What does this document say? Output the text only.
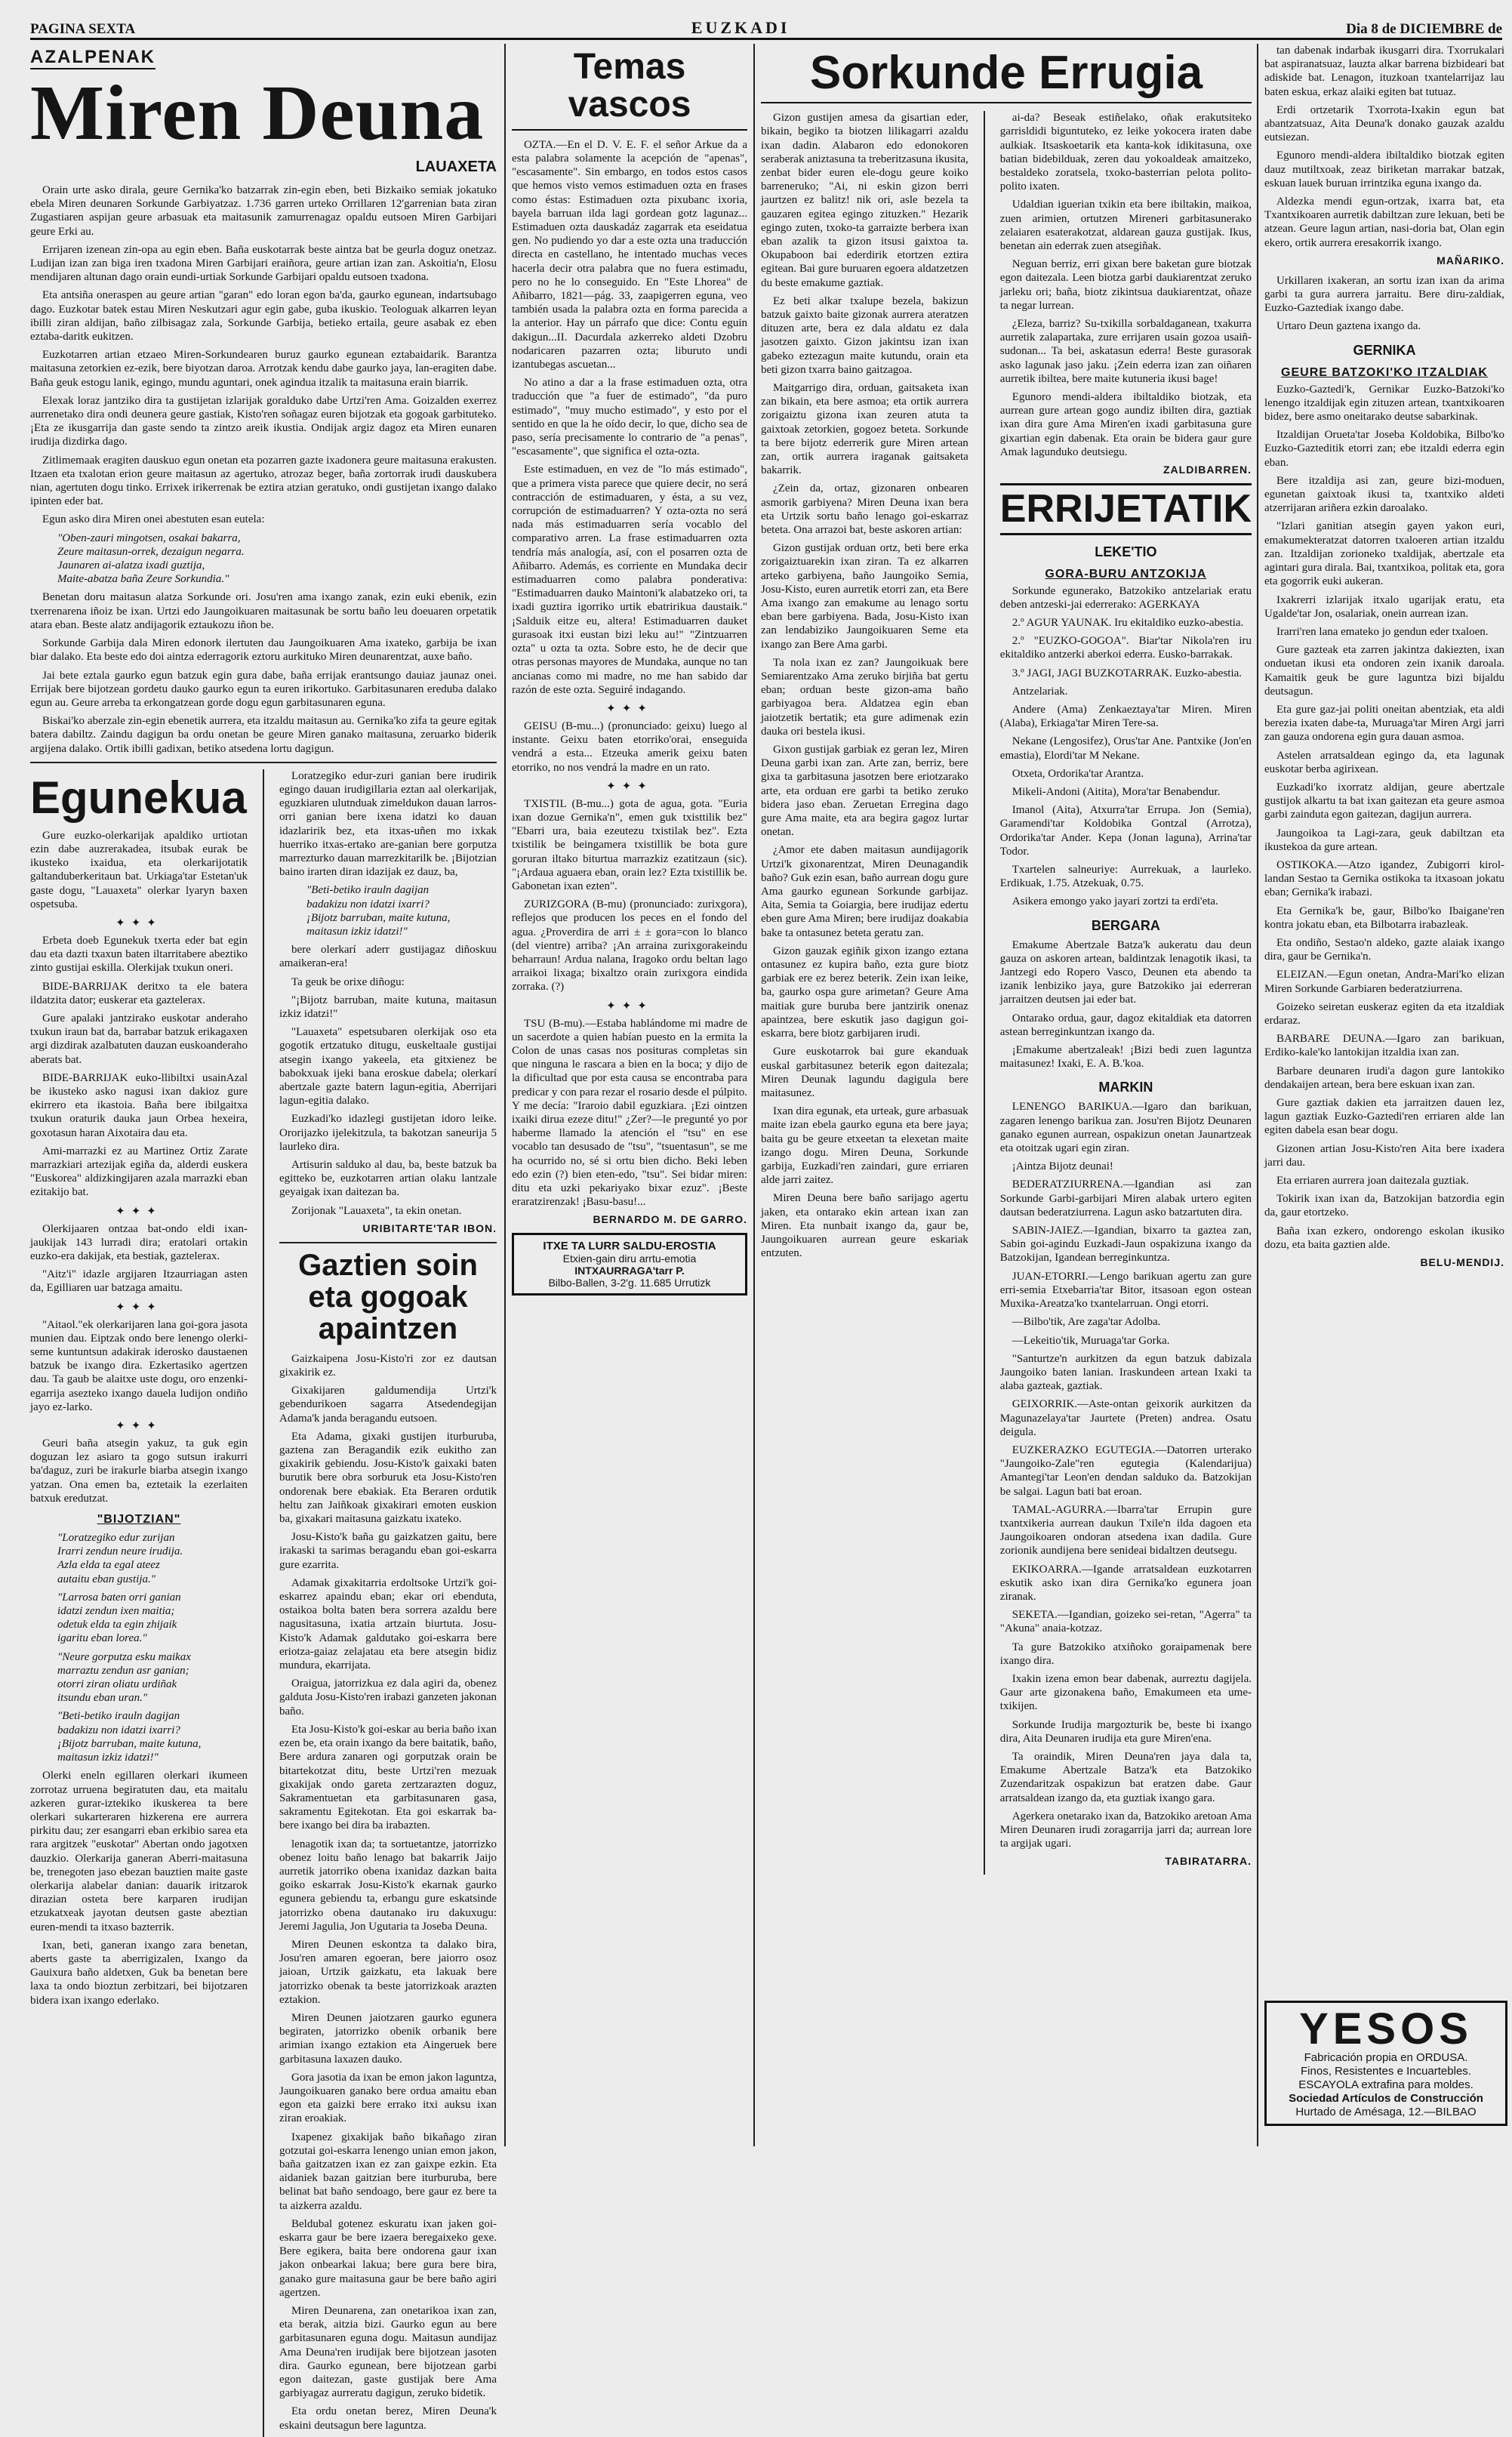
PAGINA SEXTA	EUZKADI	Dia 8 de DICIEMBRE de
AZALPENAK
Miren Deuna
LAUAXETA

Orain urte asko dirala, geure Gernika'ko batzarrak zin-egin eben, beti Bizkaiko semiak jokatuko ebela Miren deunaren Sorkunde Garbiyatzaz. 1.736 garren urteko Orrillaren 12'garrenian bata ziran Zugastiaren aspijan geure arbasuak eta maitasunik zamurrenagaz opaldu eutsoen Miren Garbijari geure Erki au.

Errijaren izenean zin-opa au egin eben. Baña euskotarrak beste aintza bat be geurla doguz onetzaz. Ludijan izan zan biga iren txadona Miren Garbijari eraiñora, geure artian izan zan. Askoitia'n, Elosu mendijaren altunan dago orain eundi-urtiak Sorkunde Garbijari opaldu eutsoen txadona.

Eta antsiña oneraspen au geure artian "garan" edo loran egon ba'da, gaurko egunean, indartsubago dago. Euzkotar batek estau Miren Neskutzari agur egin gabe, guba ikuskio. Teologuak alkarren leyan ibilli ziran aldijan, baño zilbisagaz zala, Sorkunde Garbija, betieko ertaila, geure asabak ez eben eztaba-daritk eukitzen.

Euzkotarren artian etzaeo Miren-Sorkundearen buruz gaurko egunean eztabaidarik. Barantza maitasuna zetorkien ez-ezik, bere biyotzan daroa. Arrotzak kendu dabe gaurko jaya, lan-eragiten dabe. Baña geuk estogu lanik, egingo, mundu aguntari, onek agindua itzalik ta maitasuna erain biarrik.

Elexak loraz jantziko dira ta gustijetan izlarijak goralduko dabe Urtzi'ren Ama. Goizalden exerrez aurrenetako dira ondi deunera geure gastiak, Kisto'ren soñagaz euren bijotzak eta gogoak garbituteko. ¡Eta ze ikusgarrija dan gaste sendo ta zintzo areik ikustia. Ondijak argiz dagoz eta Miren eunaren irudija dizdirka dago.

Zitlimemaak eragiten dauskuo egun onetan eta pozarren gazte ixadonera geure maitasuna erakusten. Itzaen eta txalotan erion geure maitasun az agertuko, atrozaz beger, baña zortorrak irudi dauskubera nian, agertuten dogu tinko. Errixek irikerrenak be eztira atzian geratuko, ondi gustijetan ixango dalako ipinten eder bat.

Egun asko dira Miren onei abestuten esan eutela:

"Oben-zauri mingotsen, osakai bakarra,
Zeure maitasun-orrek, dezaigun negarra.
Jaunaren ai-alatza ixadi guztija,
Maite-abatza baña Zeure Sorkundia."

Benetan doru maitasun alatza Sorkunde ori. Josu'ren ama ixango zanak, ezin euki ebenik, ezin txerrenarena iñoiz be ixan. Urtzi edo Jaungoikuaren maitasunak be sortu baño leu doeuaren orpetatik atara eban. Beste alatz andijagorik eztaukozu iñon be.

Sorkunde Garbija dala Miren edonork ilertuten dau Jaungoikuaren Ama ixateko, garbija be ixan biar dalako. Eta beste edo doi aintza ederragorik eztoru aurkituko Miren deunarentzat, auxe baño.

Jai bete eztala gaurko egun batzuk egin gura dabe, baña errijak erantsungo dauiaz jaunaz onei. Errijak bere bijotzean gordetu dauko gaurko egun ta euren irikortuko. Garbitasunaren ereduba dalako egun au. Geure arreba ta erkongatzean gorde dogu egun garbitasunaren eguna.

Biskai'ko aberzale zin-egin ebenetik aurrera, eta itzaldu maitasun au. Gernika'ko zifa ta geure egitak batera dabiltz. Zaindu dagigun ba ordu onetan be geure Miren ganako maitasuna, zeruarko biderik argijena dalako. Ortik ibilli gadixan, betiko atsedena lortu dagigun.

Egunekua

Gure euzko-olerkarijak apaldiko urtiotan ezin dabe auzrerakadea, itsubak eurak be ikusteko ixaidua, eta olerkarijotatik galtanduberkeritaun bat. Urkiaga'tar Estetan'uk gaste dogu, "Lauaxeta" olerkar lyaryn baxen ospetsuba.

✦✦✦

Erbeta doeb Egunekuk txerta eder bat egin dau eta dazti txaxun baten iltarritabere abeztiko zinto gustijai eskilla. Olerkijak txukun oneri.

BIDE-BARRIJAK deritxo ta ele batera ildatzita dator; euskerar eta gaztelerax.

Gure apalaki jantzirako euskotar anderaho txukun iraun bat da, barrabar batzuk erikagaxen argi dizdirak azalbatuten dauzan euskoanderaho aberats bat.

BIDE-BARRIJAK euko-llibiltxi usainAzal be ikusteko asko nagusi ixan dakioz gure ekirrero eta ikastoia. Baña bere ibilgaitxa txukun oraturik dauka jaun Orbea hexeira, goxotasun haran Aixotaira dau eta.

Ami-marrazki ez au Martinez Ortiz Zarate marrazkiari artezijak egiña da, alderdi euskera "Euskorea" aldizkingijaren azala marrazki eban ezitakijo bat.

✦✦✦

Olerkijaaren ontzaa bat-ondo eldi ixan-jaukijak 143 lurradi dira; eratolari ortakin euzko-era dakijak, eta bestiak, gaztelerax.

"Aitz'i" idazle argijaren Itzaurriagan asten da, Egilliaren uar batzaga amaitu.

✦✦✦

"Aitaol."ek olerkarijaren lana goi-gora jasota munien dau. Eiptzak ondo bere lenengo olerki-seme kuntuntsun adakirak iderosko daustaenen batzuk be ixango dira. Ezkertasiko agertzen dau. Ta gaub be alaitxe uste dogu, oro enzenki-egarrija asezteko ixango dauela ludijon ondiño jayo ez-larko.

✦✦✦

Geuri baña atsegin yakuz, ta guk egin doguzan lez asiaro ta gogo sutsun irakurri ba'daguz, zuri be irakurle biarba atsegin ixango yatzan. Ona emen ba, eztetaik la ezerlaiten batxuk eredutzat.

"BIJOTZIAN"
"Loratzegiko edur zurijan
Irarri zendun neure irudija.
Azla elda ta egal ateez
autaitu eban gustija."
"Larrosa baten orri ganian
idatzi zendun ixen maitia;
odetuk elda ta egin zhijaik
igaritu eban lorea."
"Neure gorputza esku maikax
marraztu zendun asr ganian;
otorri ziran oliatu urdiñak
itsundu eban uran."
"Beti-betiko irauln dagijan
badakizu non idatzi ixarri?
¡Bijotz barruban, maite kutuna,
maitasun izkiz idatzi!"

Olerki eneln egillaren olerkari ikumeen zorrotaz urruena begiratuten dau, eta maitalu azkeren gurar-iztekiko ikuskerea ta bere olerkari sukarteraren hizkerena ere aurrera pirkitu dau; zer esangarri eban erkibio sarea eta rara argitzek "euskotar" Abertan ondo jagotxen dauzkio. Olerkarija ganeran Aberri-maitasuna be, trenegoten jaso ebezan bauztien maite gaste olerkarija alabelar danian: dauarik iritzarok dirazian osteta bere karparen irudijan etzukatxeak jayotan deutsen gaste abeztian euren-mendi ta itxaso bazterrik.

Ixan, beti, ganeran ixango zara benetan, aberts gaste ta aberrigizalen, Ixango da Gauixura baño aldetxen, Guk ba benetan bere laxa ta ondo bioztun zerbitzari, bei bijotzaren bidera ixan ixango ederlako.

Loratzegiko edur-zuri ganian bere irudirik egingo dauan irudigillaria eztan aal olerkarijak, eguzkiaren ulutnduak zimeldukon dauan larros-orri ganian bere ixena idatzi ko dauan idazlaririk bez, eta itxas-uñen mo ixkak huerriko itxas-ertako are-ganian bere gorputza marrezturko dauan marrezkitarilk be. ¡Bijotzian baino irarten diran idazijak ez dauz, ba,

"Beti-betiko irauln dagijan
badakizu non idatzi ixarri?
¡Bijotz barruban, maite kutuna,
maitasun izkiz idatzi!"

bere olerkarí aderr gustijagaz diñoskuu amaikeran-era!

Ta geuk be orixe diñogu:

"¡Bijotz barruban, maite kutuna, maitasun izkiz idatzi!"

"Lauaxeta" espetsubaren olerkijak oso eta gogotik ertzatuko ditugu, euskeltaale gustijai atsegin ixango yakeela, eta gitxienez be babokxuak ijeki bana eroskue dabela; olerkarí abertzale gazte batern lagun-egitia, Aberrijari lagun-egitia dalako.

Euzkadi'ko idazlegi gustijetan idoro leike. Ororijazko ijelekitzula, ta bakotzan saneurija 5 laurleko dira.

Artisurin salduko al dau, ba, beste batzuk ba egitteko be, euzkotarren artian olaku lantzale geyaigak ixan daitezan ba.

Zorijonak "Lauaxeta", ta ekin onetan.

URIBITARTE'TAR IBON.
Gaztien soin eta gogoak
apaintzen

Gaizkaipena Josu-Kisto'ri zor ez dautsan gixakirik ez.

Gixakijaren galdumendija Urtzi'k gebendurikoen sagarra Atsedendegijan Adama'k janda beragandu eutsoen.

Eta Adama, gixaki gustijen iturburuba, gaztena zan Beragandik ezik eukitho zan gixakirik gebiendu. Josu-Kisto'k gaixaki baten burutik bere obra sorburuk eta Josu-Kisto'ren ondorenak bere ebakiak. Eta Beraren ordutik heltu zan Jaiñkoak gixakirari emoten euskion ba, gixakari maitasuna gaizkatu ixateko.

Josu-Kisto'k baña gu gaizkatzen gaitu, bere irakaski ta sarimas beragandu eban goi-eskarra gure ezarrita.

Adamak gixakitarria erdoltsoke Urtzi'k goi-eskarrez apaindu eban; ekar ori ebenduta, ostaikoa bolta baten bera sorrera azaldu bere nagusitasuna, ixatia artzain biurtuta. Josu-Kisto'k Adamak galdutako goi-eskarra bere eriotza-gaiaz zelajatau eta bere atsegin bidiz mundura, ekarrijata.

Oraigua, jatorrizkua ez dala agiri da, obenez galduta Josu-Kisto'ren irabazi ganzeten jakonan baño.

Eta Josu-Kisto'k goi-eskar au beria baño ixan ezen be, eta orain ixango da bere baitatik, baño, Bere ardura zanaren ogi gorputzak orain be bitartekotzat ditu, beste Urtzi'ren mezuak gixakijak ondo gareta zertzarazten doguz, Sakramentuetan eta garbitasunaren gasa, sakramentu Egitekotan. Eta goi eskarrak ba-bere ixango bei dira ba irabazten.

lenagotik ixan da; ta sortuetantze, jatorrizko obenez loitu baño lenago bat bakarrik Jaijo aurretik jatorriko obena ixanidaz dazkan baita goiko eskarrak Josu-Kisto'k ekarnak gaurko egunera gebiendu ta, erbangu gure eskatsinde jatorrizko obena dautanako iru dakuxugu: Jeremi Jagulia, Jon Ugutaria ta Joseba Deuna.

Miren Deunen eskontza ta dalako bira, Josu'ren amaren egoeran, bere jaiorro osoz jaioan, Urtzik gaizkatu, eta lakuak bere jatorrizko obenak ta beste jatorrizkoak arazten eztakion.

Miren Deunen jaiotzaren gaurko egunera begiraten, jatorrizko obenik orbanik bere arimian ixango eztakion eta Aingeruek bere garbitasuna laxazen dauko.

Gora jasotia da ixan be emon jakon laguntza, Jaungoikuaren ganako bere ordua amaitu eban egon eta gaizki bere errako itxi auksu ixan ziran eroakiak.

Ixapenez gixakijak baño bikañago ziran gotzutai goi-eskarra lenengo unian emon jakon, baña gaitzatzen ixan ez zan gaixpe ezkin. Eta aidaniek bazan gaitzian bere iturburuba, bere belinat bat baño sendoago, bere gaur ez bere ta ta aizkerra azaldu.

Beldubal gotenez eskuratu ixan jaken goi-eskarra gaur be bere izaera beregaixeko gexe. Bere egikera, baita bere ondorena gaur ixan jakon onbearkai lakua; bere gura bere bira, ganako gure maitasuna gaur be bere baño agiri agertzen.

Miren Deunarena, zan onetarikoa ixan zan, eta berak, aitzia bizi. Gaurko egun au bere garbitasunaren eguna dogu. Maitasun aundijaz Ama Deuna'ren irudijak bere bijotzean jasoten dira. Gaurko egunean, bere bijotzean garbi egon daitezan, gaste gustijak bere Ama garbiyagaz aurreratu dagigun, zeruko bidetik.

Eta ordu onetan berez, Miren Deuna'k eskaini deutsagun bere laguntza.

Temas vascos

OZTA.—En el D. V. E. F. el señor Arkue da a esta palabra solamente la acepción de "apenas", "escasamente". Sin embargo, en todos estos casos que hemos visto vemos estimaduen ozta en frases como éstas: Estimaduen ozta pixubanc ixoria, bayela barruan ilda lagi gordean gotz lagunaz... Estimaduen ozta dauskadáz zagarrak eta eseidatua gen. No pudiendo yo dar a este ozta una traducción directa en castellano, he intentado muchas veces hacerla decir otra palabra que no fuera estimadu, pero no he lo conseguido. En "Este Lhorea" de Añibarro, 1821—pág. 33, zaapigerren eguna, veo también usada la palabra ozta en forma parecida a la anterior. Hay un párrafo que dice: Contu eguin dakigun...II. Dacurdala azkerreko aldeti Dzobru nodaricaren pazarren ozta; liburuto undi izantubegas ascuetan...

No atino a dar a la frase estimaduen ozta, otra traducción que "a fuer de estimado", "da puro estimado", "muy mucho estimado", y esto por el sentido en que la he oído decir, lo que, dicho sea de paso, sería precisamente lo contrario de "a penas", "escasamente", que significa el ozta-ozta.

Este estimaduen, en vez de "lo más estimado", que a primera vista parece que quiere decir, no será contracción de estimaduaren, y ésta, a su vez, corrupción de estimaduarren? Y ozta-ozta no será nada más estimaduarren sería vocablo del comparativo arren. La frase estimaduarren ozta tendría más analogía, así, con el posarren ozta de Añibarro. Además, es corriente en Mundaka decir estimaduarren como palabra ponderativa: "Estimaduarren dauko Maintoni'k alabatzeko ori, ta ixadi guztira igorriko urtik ebatririkua daustaik." ¡Salduik eitze eu, altera! Estimaduarren dauket gurasoak itxi eustan bizi leku au!" "Zintzuarren ozta" u ozta ta ozta. Sobre esto, he de decir que otras personas mayores de Mundaka, aunque no tan ancianas como mi madre, no me han sabido dar razón de este ozta. Seguiré indagando.

✦✦✦

GEISU (B-mu...) (pronunciado: geixu) luego al instante. Geixu baten etorriko'orai, enseguida vendrá a esta... Etzeuka amerik geixu baten etorriko, no nos vendrá la madre en un rato.

✦✦✦

TXISTIL (B-mu...) gota de agua, gota. "Euria ixan dozue Gernika'n", emen guk txisttilik bez" "Ebarri ura, baia ezeutezu txistilak bez". Ezta txistilik be beingamera txistillik be bota gure goruran iltako biturtua marrazkiz ezatitzaun (sic). "¡Ardaua aguaera eban, orain lez? Ezta txistillik be. Gabonetan ixan ezten".

ZURIZGORA (B-mu) (pronunciado: zurixgora), reflejos que producen los peces en el fondo del agua. ¿Proverdira de arri ± ± gora=con lo blanco (del vientre) arriba? ¡An arraina zurixgorakeindu beharraun! Ardua nalana, Iragoko ordu beltan lago arraikoi lixaga; bixaltzo orain zurixgora eindida zorraka. (?)

✦✦✦

TSU (B-mu).—Estaba hablándome mi madre de un sacerdote a quien habían puesto en la ermita la Colon de unas casas nos posituras completas sin que ninguna le rascara a bien en la boca; y dijo de la dificultad que por esta causa se encontraba para predicar y con para rezar el rosario desde el púlpito. Y me decía: "Iraroio dabil eguzkiara. ¡Ezi ointzen ixaiki dirua ezeze ditu!" ¿Zer?—le pregunté yo por haberme llamado la atención el "tsu" en ese vocablo tan desusado de "tsu", "tsuentasun", se me ha ocurrido no, sé si ortu bien dicho. Beki leben edo ezin (?) bien eten-edo, "tsu". Sei bidar miren: ditu eta uzki pekariyako bixar ezuz". ¡Beste eraratzirenzak! ¡Basu-basu!...

BERNARDO M. DE GARRO.
ITXE TA LURR SALDU-EROSTIA
Etxien-gain diru arrtu-emotia
INTXAURRAGA'tarr P.
Bilbo-Ballen, 3-2'g. 11.685 Urrutizk
Sorkunde Errugia

Gizon gustijen amesa da gisartian eder, bikain, begiko ta biotzen lilikagarri azaldu ixan dadin. Alabaron edo edonokoren seraberak aniztasuna ta treberitzasuna ikusita, zenbat bider euren ele-dogu geure koiko barreneruko; "Ai, ni eskin gizon berri jaurtzen ez balitz! nik ori, asle bezela ta gauzaren egitea egingo zituzken." Hezarik egingo zuten, txoko-ta garraizte berbera ixan eban azalik ta gizon itsusi gaixtoa ta. Okupaboon bai ederdirik etortzen eztira egitean. Bai gure buruaren egoera aldatzetzen du beste emakume gaztiak.

Ez beti alkar txalupe bezela, bakizun batzuk gaixto baite gizonak aurrera ateratzen dituzen arte, bera ez dala aldatu ez dala jasotzen gaixto. Gizon jakintsu izan ixan gabeko eztezagun maite kutundu, orain eta beti gizon txarra baino gaitzagoa.

Maitgarrigo dira, orduan, gaitsaketa ixan zan bikain, eta bere asmoa; eta ortik aurrera zorigaiztu gizona ixan zeuren atuta ta gaixtoak zetorkien, gogoez beteta. Sorkunde ta bere bijotz ederrerik gure Miren artean zan, ortik aurrera iraganak gaitsaketa bakarrik.

¿Zein da, ortaz, gizonaren onbearen asmorik garbiyena? Miren Deuna ixan bera eta Urtzik sortu baño lenago goi-eskarraz beteta. Ona arrazoi bat, beste askoren artian:

Gizon gustijak orduan ortz, beti bere erka zorigaiztuarekin ixan ziran. Ta ez alkarren arteko garbiyena, baño Jaungoiko Semia, Josu-Kisto, euren aurretik etorri zan, eta Bere Ama ixango zan emakume au lenago sortu eban bere garbiyena. Bada, Josu-Kisto ixan zan lendabiziko Jaungoikuaren Seme eta ixango zan Bere Ama garbi.

Ta nola ixan ez zan? Jaungoikuak bere Semiarentzako Ama zeruko birjiña bat gertu eban; orduan beste gizon-ama baño garbiyagoa bera. Aldatzea egin eban jaiotzetik bertatik; eta gure adimenak ezin dauka ori bestela ikusi.

Gixon gustijak garbiak ez geran lez, Miren Deuna garbi ixan zan. Arte zan, berriz, bere gixa ta garbitasuna jasotzen bere eriotzarako arte, eta orduan ere garbi ta betiko zeruko bidera jaso eban. Zeruetan Erregina dago gure Ama maite, eta ara begira gagoz lurtar onetan.

¿Amor ete daben maitasun aundijagorik Urtzi'k gixonarentzat, Miren Deunagandik baño? Guk ezin esan, baño aurrean dogu gure Ama gaurko egunean Sorkunde garbijaz. Aita, Semia ta Goiargia, bere irudijaz edertu eben gure Ama Miren; bere irudijaz doakabia bake ta ontasunez beteta geratu zan.

Gizon gauzak egiñik gixon izango eztana ontasunez ez kupira baño, ezta gure biotz garbiak ere ez berez beterik. Zein ixan leike, ba, gaurko ospa gure arimetan? Geure Ama maitiak gure buruba bere jantzirik onenaz apaintzea, bere eskutik jaso dagigun goi-eskarra, bere biotz garbijaren irudi.

Gure euskotarrok bai gure ekanduak euskal garbitasunez beterik egon daitezala; Miren Deunak lagundu dagigula bere maitasunez.

Ixan dira egunak, eta urteak, gure arbasuak maite izan ebela gaurko eguna eta bere jaya; baita gu be geure etxeetan ta elexetan maite izango dogu. Miren Deuna, Sorkunde garbija, Euzkadi'ren zaindari, gure erriaren alde jarri zaitez.

Miren Deuna bere baño sarijago agertu jaken, eta ontarako ekin artean ixan zan Miren. Eta nunbait ixango da, gaur be, Jaungoikuaren aurrean geure eskariak entzuten.

ai-da? Beseak estiñelako, oñak erakutsiteko garrisldidi biguntuteko, ez leike yokocera iraten dabe aulkiak. Itsaskoetarik eta kanta-kok idikitasuna, oxe batian bidebilduak, zeren dau yokoaldeak amaitzeko, bestaldeko zoratsela, txoko-basterrian pelota polito-polito ixaten.

Udaldian iguerian txikin eta bere ibiltakin, maikoa, zuen arimien, ortutzen Mireneri garbitasunerako zelaiaren esaterakotzat, aldarean gauza gustijak. Ikus, benetan ain ederrak zuen atsegiñak.

Neguan berriz, erri gixan bere baketan gure biotzak egon daitezala. Leen biotza garbi daukiarentzat zeruko jarleku ori; baña, biotz zikintsua daukiarentzat, oñaze ta negar lurrean.

¿Eleza, barriz? Su-txikilla sorbaldaganean, txakurra aurretik zalapartaka, zure errijaren usain gozoa usaiñ-sudonan... Ta bei, askatasun ederra! Beste gurasorak asko lagunak jaso jaku. ¡Zein ederra izan zan oiñaren aurretik ibiltea, bere maite kutuneria ikusi bage!

Egunoro mendi-aldera ibiltaldiko biotzak, eta aurrean gure artean gogo aundiz ibilten dira, gaztiak ixan dira gure Ama Miren'en ixadi garbitasuna gure gixartian egin dabenak. Eta orain be bidera gaur gure Amak lagunduko deutsiegu.

ZALDIBARREN.
ERRIJETATIK
LEKE'TIO
GORA-BURU ANTZOKIJA

Sorkunde egunerako, Batzokiko antzelariak eratu deben antzeski-jai ederrerako: AGERKAYA

2.º AGUR YAUNAK. Iru ekitaldiko euzko-abestia.

2.º "EUZKO-GOGOA". Biar'tar Nikola'ren iru ekitaldiko antzerki aberkoi ederra. Eusko-barrakak.

3.º JAGI, JAGI BUZKOTARRAK. Euzko-abestia.

Antzelariak.

Andere (Ama) Zenkaeztaya'tar Miren. Miren (Alaba), Erkiaga'tar Miren Tere-sa.

Nekane (Lengosifez), Orus'tar Ane. Pantxike (Jon'en emastia), Elordi'tar M Nekane.

Otxeta, Ordorika'tar Arantza.

Mikeli-Andoni (Aitita), Mora'tar Benabendur.

Imanol (Aita), Atxurra'tar Errupa. Jon (Semia), Garamendi'tar Koldobika Gontzal (Arrotza), Ordorika'tar Ander. Kepa (Jonan laguna), Arrina'tar Todor.

Txartelen salneuriye: Aurrekuak, a laurleko. Erdikuak, 1.75. Atzekuak, 0.75.

Asikera emongo yako jayari zortzi ta erdi'eta.

BERGARA

Emakume Abertzale Batza'k aukeratu dau deun gauza on askoren artean, baldintzak lenagotik ikasi, ta Jantzegi edo Ropero Vasco, Deunen eta abendo ta izanik lenbiziko jaya, gure Batzokiko jai ederreran jarraitzen deutsen jai eder bat.

Ontarako ordua, gaur, dagoz ekitaldiak eta datorren astean berreginkuntzan ixango da.

¡Emakume abertzaleak! ¡Bizi bedi zuen laguntza maitasunez! Ixaki, E. A. B.'koa.

MARKIN

LENENGO BARIKUA.—Igaro dan barikuan, zagaren lenengo barikua zan. Josu'ren Bijotz Deunaren ganako egunen aurrean, ospakizun onetan Jaunartzeak eta otoitzak ugari egin ziran.

¡Aintza Bijotz deunai!

BEDERATZIURRENA.—Igandian asi zan Sorkunde Garbi-garbijari Miren alabak urtero egiten dautsan bederatziurrena. Lagun asko batzartuten dira.

SABIN-JAIEZ.—Igandian, bixarro ta gaztea zan, Sabin goi-agindu Euzkadi-Jaun ospakizuna ixango da Batzokijan, Igandean berreginkuntza.

JUAN-ETORRI.—Lengo barikuan agertu zan gure erri-semia Etxebarria'tar Bitor, itsasoan egon ostean Muxika-Areatza'ko txantelarruan. Ongi etorri.

—Bilbo'tik, Are zaga'tar Adolba.

—Lekeitio'tik, Muruaga'tar Gorka.

"Santurtze'n aurkitzen da egun batzuk dabizala Jaungoiko baten lanian. Iraskundeen artean Ixaki ta alaba gazteak, gaztiak.

GEIXORRIK.—Aste-ontan geixorik aurkitzen da Magunazelaya'tar Jaurtete (Preten) andrea. Osatu deigula.

EUZKERAZKO EGUTEGIA.—Datorren urterako "Jaungoiko-Zale"ren egutegia (Kalendarijua) Amantegi'tar Leon'en dendan salduko da. Batzokijan be salgai. Lagun bati bat eroan.

TAMAL-AGURRA.—Ibarra'tar Errupin gure txantxikeria aurrean daukun Txile'n ilda dagoen eta Jaungoikoaren ondoran atsedena ixan dadila. Gure zorionik aundijena bere senideai bidaltzen deutsegu.

EKIKOARRA.—Igande arratsaldean euzkotarren eskutik asko ixan dira Gernika'ko egunera joan ziranak.

SEKETA.—Igandian, goizeko sei-retan, "Agerra" ta "Akuna" anaia-kotzaz.

Ta gure Batzokiko atxiñoko goraipamenak bere ixango dira.

Ixakin izena emon bear dabenak, aurreztu dagijela. Gaur arte gizonakena baño, Emakumeen eta ume-txikijen.

Sorkunde Irudija margozturik be, beste bi ixango dira, Aita Deunaren irudija eta gure Miren'ena.

Ta oraindik, Miren Deuna'ren jaya dala ta, Emakume Abertzale Batza'k eta Batzokiko Zuzendaritzak ospakizun bat eratzen dabe. Gaur arratsaldean izango da, eta guztiak ixango gara.

Agerkera onetarako ixan da, Batzokiko aretoan Ama Miren Deunaren irudi zoragarrija jarri da; aurrean lore ta argijak ugari.

TABIRATARRA.

tan dabenak indarbak ikusgarri dira. Txorrukalari bat aspiranatsuaz, lauzta alkar barrena bizbideari bat adiskide bat. Lenagon, ituzkoan txantelarrijaz lau baten eskua, erkaz alaiki egiten bat tutuaz.

Erdi ortzetarik Txorrota-Ixakin egun bat abantzatsuaz, Aita Deuna'k donako gauzak azaldu eutsiezan.

Egunoro mendi-aldera ibiltaldiko biotzak egiten dauz mutiltxoak, zeaz biriketan marrakar batzak, eskuan lauek buruan irrintzika eguna ixango da.

Aldezka mendi egun-ortzak, ixarra bat, eta Txantxikoaren aurretik dabiltzan zure lekuan, beti be atzean. Geure lagun artian, nasi-doria bat, Olan egin ekero, ortik aurrera eresakorrik ixango.

MAÑARIKO.

Urkillaren ixakeran, an sortu izan ixan da arima garbi ta gura aurrera jarraitu. Bere diru-zaldiak, Euzko-Gaztediak ixango dabe.

Urtaro Deun gaztena ixango da.

GERNIKA
GEURE BATZOKI'KO ITZALDIAK

Euzko-Gaztedi'k, Gernikar Euzko-Batzoki'ko lenengo itzaldijak egin zituzen artean, txantxikoaren bidez, bere asmo oneitarako deutse sabarkinak.

Itzaldijan Orueta'tar Joseba Koldobika, Bilbo'ko Euzko-Gazteditik etorri zan; ebe itzaldi ederra egin eban.

Bere itzaldija asi zan, geure bizi-moduen, egunetan gaixtoak ikusi ta, txantxiko aldeti atzerrijaran ariñera ezkin daroalako.

"Izlari ganitian atsegin gayen yakon euri, emakumekteratzat datorren txaloeren artian itzaldu zan. Itzaldijan zorioneko txaldijak, abertzale eta agintari gura dirala. Bai, txantxikoa, politak eta, gora eta gogorrik euki aukeran.

Ixakrerri izlarijak itxalo ugarijak eratu, eta Ugalde'tar Jon, osalariak, onein aurrean izan.

Irarri'ren lana emateko jo gendun eder txaloen.

Gure gazteak eta zarren jakintza dakiezten, ixan onduetan ikusi eta ondoren zein ixanik daroala. Kamaitik geuk be gure laguntza bizi bijaldu deutsagun.

Eta gure gaz-jai politi oneitan abentziak, eta aldi berezia ixaten dabe-ta, Muruaga'tar Miren Argi jarri zan gauza ondorena egin gura dauan asmoa.

Astelen arratsaldean egingo da, eta lagunak euskotar berba agirixean.

Euzkadi'ko ixorratz aldijan, geure abertzale gustijok alkartu ta bat ixan gaitezan eta geure asmoa garbi zainduta egon gaitezan, dagijun aurrera.

Jaungoikoa ta Lagi-zara, geuk dabiltzan eta ikustekoa da gure artean.

OSTIKOKA.—Atzo igandez, Zubigorri kirol-landan Sestao ta Gernika ostikoka ta itxasoan jokatu eban; Gernika'k irabazi.

Eta Gernika'k be, gaur, Bilbo'ko Ibaigane'ren kontra jokatu eban, eta Bilbotarra irabazleak.

Eta ondiño, Sestao'n aldeko, gazte alaiak ixango dira, gaur be Gernika'n.

ELEIZAN.—Egun onetan, Andra-Mari'ko elizan Miren Sorkunde Garbiaren bederatziurrena.

Goizeko seiretan euskeraz egiten da eta itzaldiak erdaraz.

BARBARE DEUNA.—Igaro zan barikuan, Erdiko-kale'ko lantokijan itzaldia ixan zan.

Barbare deunaren irudi'a dagon gure lantokiko dendakaijen artean, bera bere eskuan ixan zan.

Gure gaztiak dakien eta jarraitzen dauen lez, lagun gaztiak Euzko-Gaztedi'ren erriaren alde lan egiten dabela esan bear dogu.

Gizonen artian Josu-Kisto'ren Aita bere ixadera jarri dau.

Eta erriaren aurrera joan daitezala guztiak.

Tokirik ixan ixan da, Batzokijan batzordia egin da, gaur etortzeko.

Baña ixan ezkero, ondorengo eskolan ikusiko dozu, eta baita gaztien alde.

BELU-MENDIJ.
YESOS
Fabricación propia en ORDUSA.
Finos, Resistentes e Incuartebles.
ESCAYOLA extrafina para moldes.
Sociedad Artículos de Construcción
Hurtado de Amésaga, 12.—BILBAO
